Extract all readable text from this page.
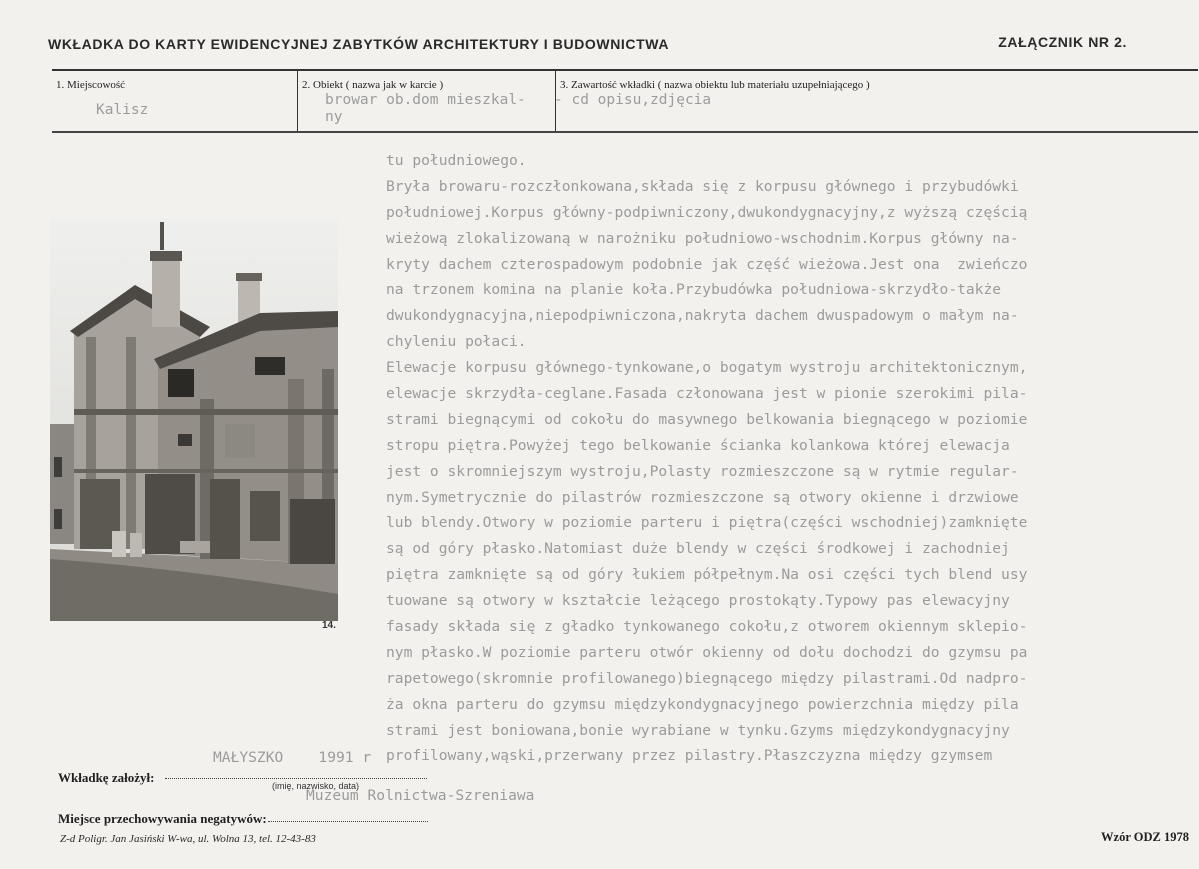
WKŁADKA DO KARTY EWIDENCYJNEJ ZABYTKÓW ARCHITEKTURY I BUDOWNICTWA	ZAŁĄCZNIK NR 2.
1. Miejscowość
Kalisz
2. Obiekt ( nazwa jak w karcie )
browar ob.dom mieszkal-
ny
3. Zawartość wkładki ( nazwa obiektu lub materiału uzupełniającego )
- cd opisu,zdjęcia
14.
tu południowego.
Bryła browaru-rozczłonkowana,składa się z korpusu głównego i przybudówki
południowej.Korpus główny-podpiwniczony,dwukondygnacyjny,z wyższą częścią
wieżową zlokalizowaną w narożniku południowo-wschodnim.Korpus główny na-
kryty dachem czterospadowym podobnie jak część wieżowa.Jest ona  zwieńczo
na trzonem komina na planie koła.Przybudówka południowa-skrzydło-także
dwukondygnacyjna,niepodpiwniczona,nakryta dachem dwuspadowym o małym na-
chyleniu połaci.
Elewacje korpusu głównego-tynkowane,o bogatym wystroju architektonicznym,
elewacje skrzydła-ceglane.Fasada członowana jest w pionie szerokimi pila-
strami biegnącymi od cokołu do masywnego belkowania biegnącego w poziomie
stropu piętra.Powyżej tego belkowanie ścianka kolankowa której elewacja
jest o skromniejszym wystroju,Polasty rozmieszczone są w rytmie regular-
nym.Symetrycznie do pilastrów rozmieszczone są otwory okienne i drzwiowe
lub blendy.Otwory w poziomie parteru i piętra(części wschodniej)zamknięte
są od góry płasko.Natomiast duże blendy w części środkowej i zachodniej
piętra zamknięte są od góry łukiem półpełnym.Na osi części tych blend usy
tuowane są otwory w kształcie leżącego prostokąty.Typowy pas elewacyjny
fasady składa się z gładko tynkowanego cokołu,z otworem okiennym sklepio-
nym płasko.W poziomie parteru otwór okienny od dołu dochodzi do gzymsu pa
rapetowego(skromnie profilowanego)biegnącego między pilastrami.Od nadpro-
ża okna parteru do gzymsu międzykondygnacyjnego powierzchnia między pila
strami jest boniowana,bonie wyrabiane w tynku.Gzyms międzykondygnacyjny
profilowany,wąski,przerwany przez pilastry.Płaszczyzna między gzymsem
MAŁYSZKO    1991 r
Wkładkę założył:
(imię, nazwisko, data)
Muzeum Rolnictwa-Szreniawa
Miejsce przechowywania negatywów:
Z-d Poligr. Jan Jasiński W-wa, ul. Wolna 13, tel. 12-43-83	Wzór ODZ 1978
